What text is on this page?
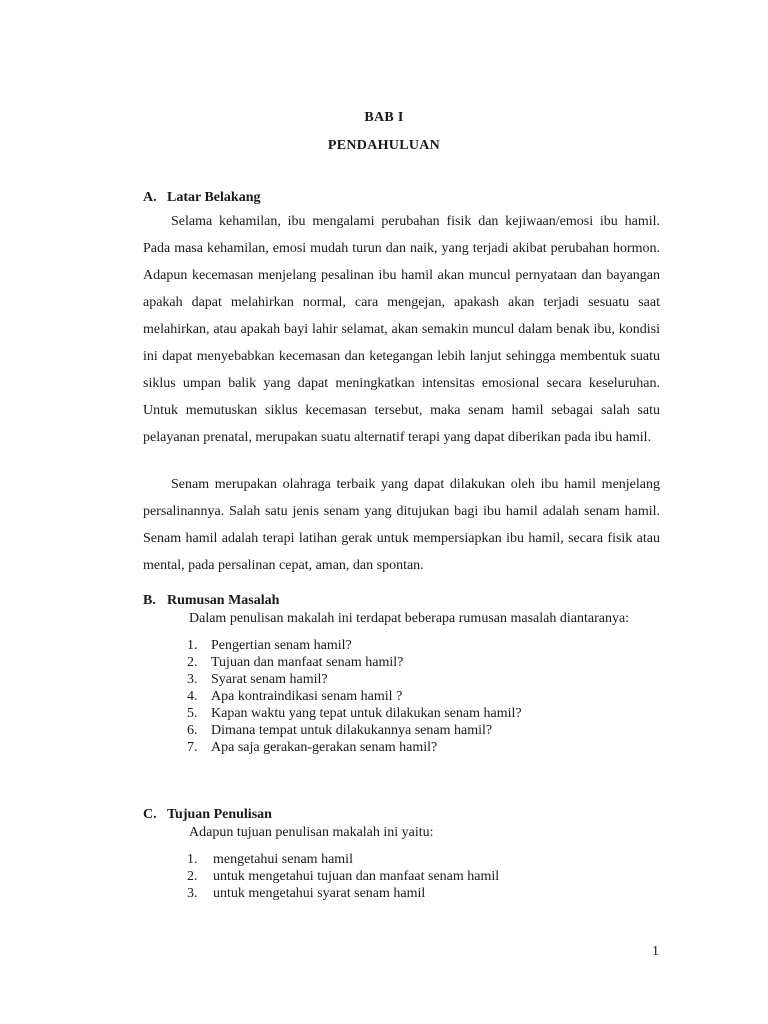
BAB I
PENDAHULUAN
A. Latar Belakang

Selama kehamilan, ibu mengalami perubahan fisik dan kejiwaan/emosi ibu hamil. Pada masa kehamilan, emosi mudah turun dan naik, yang terjadi akibat perubahan hormon. Adapun kecemasan menjelang pesalinan ibu hamil akan muncul pernyataan dan bayangan apakah dapat melahirkan normal, cara mengejan, apakash akan terjadi sesuatu saat melahirkan, atau apakah bayi lahir selamat, akan semakin muncul dalam benak ibu, kondisi ini dapat menyebabkan kecemasan dan ketegangan lebih lanjut sehingga membentuk suatu siklus umpan balik yang dapat meningkatkan intensitas emosional secara keseluruhan. Untuk memutuskan siklus kecemasan tersebut, maka senam hamil sebagai salah satu pelayanan prenatal, merupakan suatu alternatif terapi yang dapat diberikan pada ibu hamil.

Senam merupakan olahraga terbaik yang dapat dilakukan oleh ibu hamil menjelang persalinannya. Salah satu jenis senam yang ditujukan bagi ibu hamil adalah senam hamil. Senam hamil adalah terapi latihan gerak untuk mempersiapkan ibu hamil, secara fisik atau mental, pada persalinan cepat, aman, dan spontan.

B. Rumusan Masalah

Dalam penulisan makalah ini terdapat beberapa rumusan masalah diantaranya:

1. Pengertian senam hamil?
2. Tujuan dan manfaat senam hamil?
3. Syarat senam hamil?
4. Apa kontraindikasi senam hamil ?
5. Kapan waktu yang tepat untuk dilakukan senam hamil?
6. Dimana tempat untuk dilakukannya senam hamil?
7. Apa saja gerakan-gerakan senam hamil?
C. Tujuan Penulisan

Adapun tujuan penulisan makalah ini yaitu:

1. mengetahui senam hamil
2. untuk mengetahui tujuan dan manfaat senam hamil
3. untuk mengetahui syarat senam hamil
1
